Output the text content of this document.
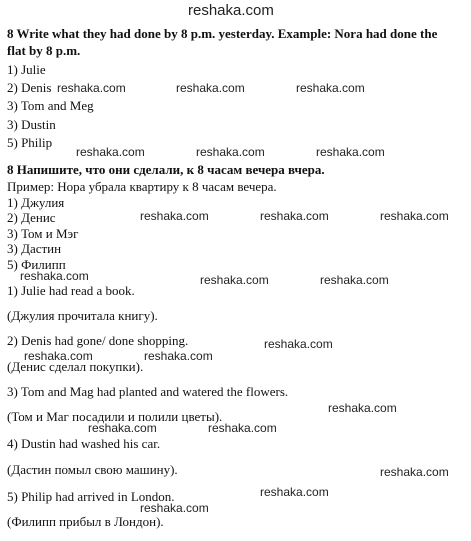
reshaka.com
8 Write what they had done by 8 p.m. yesterday. Example: Nora had done the
flat by 8 p.m.
1) Julie
2) Denis
3) Tom and Meg
3) Dustin
5) Philip
8 Напишите, что они сделали, к 8 часам вечера вчера.
Пример: Нора убрала квартиру к 8 часам вечера.
1) Джулия
2) Денис
3) Том и Мэг
3) Дастин
5) Филипп
1) Julie had read a book.
(Джулия прочитала книгу).
2) Denis had gone/ done shopping.
(Денис сделал покупки).
3) Tom and Mag had planted and watered the flowers.
(Том и Маг посадили и полили цветы).
4) Dustin had washed his car.
(Дастин помыл свою машину).
5) Philip had arrived in London.
(Филипп прибыл в Лондон).
reshaka.com	reshaka.com	reshaka.com
reshaka.com	reshaka.com	reshaka.com
reshaka.com	reshaka.com	reshaka.com
reshaka.com	reshaka.com	reshaka.com
reshaka.com
reshaka.com	reshaka.com
reshaka.com
reshaka.com	reshaka.com
reshaka.com
reshaka.com
reshaka.com
